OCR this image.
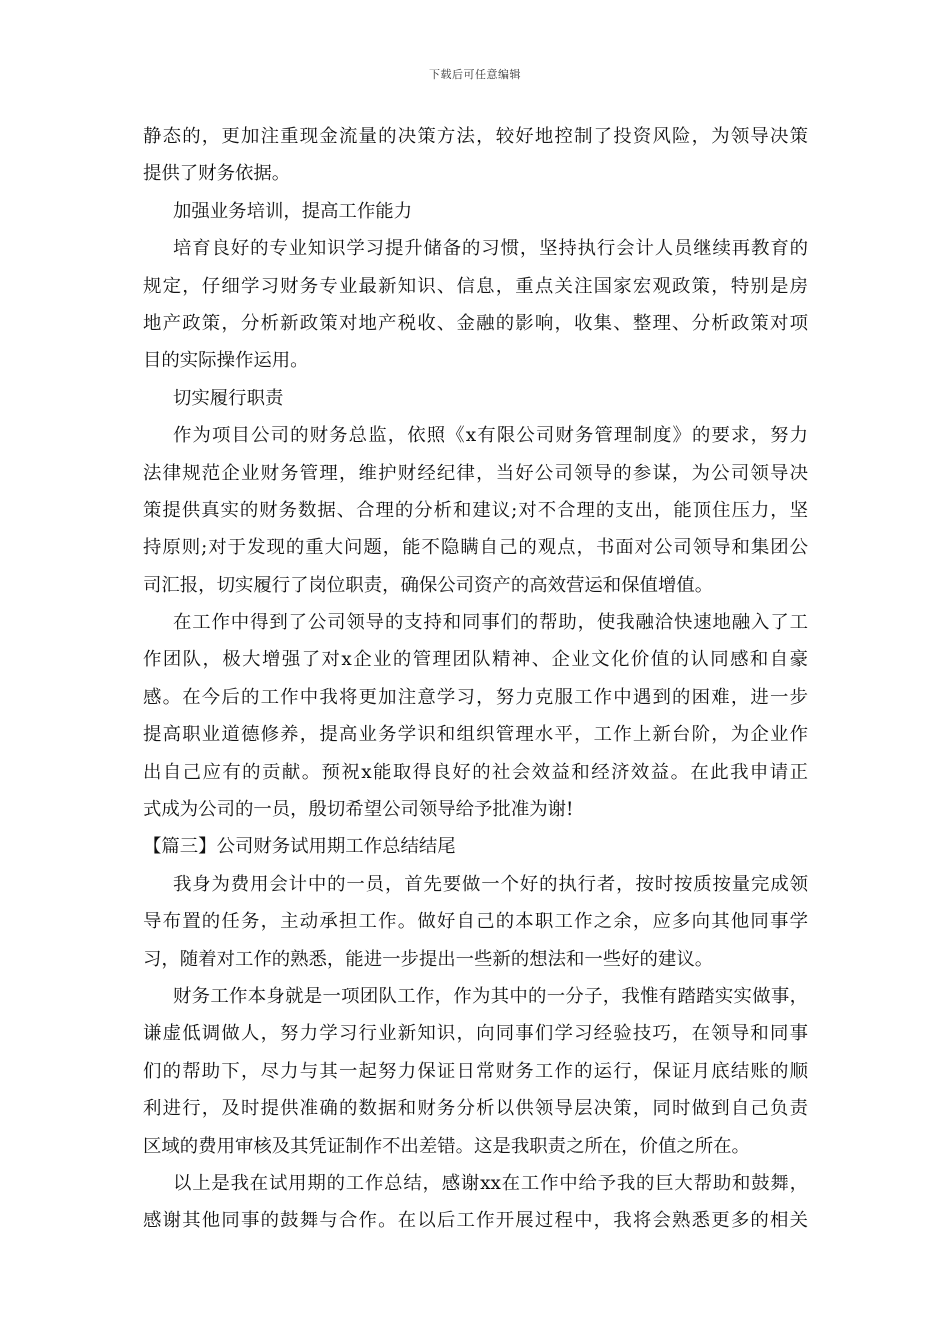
下载后可任意编辑
静态的，更加注重现金流量的决策方法，较好地控制了投资风险，为领导决策
提供了财务依据。
加强业务培训，提高工作能力
培育良好的专业知识学习提升储备的习惯，坚持执行会计人员继续再教育的
规定，仔细学习财务专业最新知识、信息，重点关注国家宏观政策，特别是房
地产政策，分析新政策对地产税收、金融的影响，收集、整理、分析政策对项
目的实际操作运用。
切实履行职责
作为项目公司的财务总监，依照《x有限公司财务管理制度》的要求，努力
法律规范企业财务管理，维护财经纪律，当好公司领导的参谋，为公司领导决
策提供真实的财务数据、合理的分析和建议;对不合理的支出，能顶住压力，坚
持原则;对于发现的重大问题，能不隐瞒自己的观点，书面对公司领导和集团公
司汇报，切实履行了岗位职责，确保公司资产的高效营运和保值增值。
在工作中得到了公司领导的支持和同事们的帮助，使我融洽快速地融入了工
作团队，极大增强了对x企业的管理团队精神、企业文化价值的认同感和自豪
感。在今后的工作中我将更加注意学习，努力克服工作中遇到的困难，进一步
提高职业道德修养，提高业务学识和组织管理水平，工作上新台阶，为企业作
出自己应有的贡献。预祝x能取得良好的社会效益和经济效益。在此我申请正
式成为公司的一员，殷切希望公司领导给予批准为谢!
【篇三】公司财务试用期工作总结结尾
我身为费用会计中的一员，首先要做一个好的执行者，按时按质按量完成领
导布置的任务，主动承担工作。做好自己的本职工作之余，应多向其他同事学
习，随着对工作的熟悉，能进一步提出一些新的想法和一些好的建议。
财务工作本身就是一项团队工作，作为其中的一分子，我惟有踏踏实实做事，
谦虚低调做人，努力学习行业新知识，向同事们学习经验技巧，在领导和同事
们的帮助下，尽力与其一起努力保证日常财务工作的运行，保证月底结账的顺
利进行，及时提供准确的数据和财务分析以供领导层决策，同时做到自己负责
区域的费用审核及其凭证制作不出差错。这是我职责之所在，价值之所在。
以上是我在试用期的工作总结，感谢xx在工作中给予我的巨大帮助和鼓舞，
感谢其他同事的鼓舞与合作。在以后工作开展过程中，我将会熟悉更多的相关
